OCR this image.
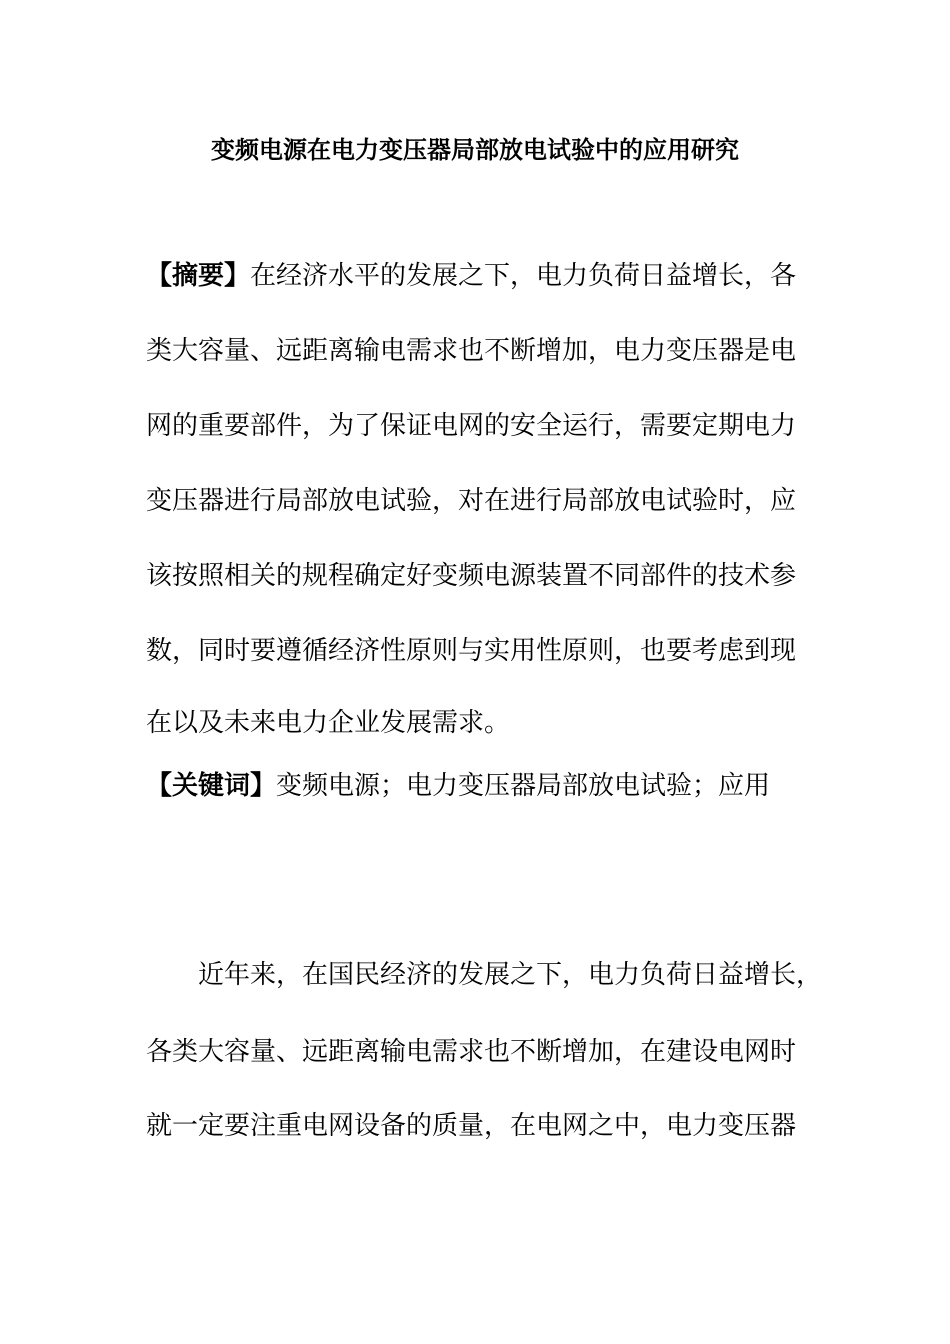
变频电源在电力变压器局部放电试验中的应用研究
【摘要】在经济水平的发展之下，电力负荷日益增长，各
类大容量、远距离输电需求也不断增加，电力变压器是电
网的重要部件，为了保证电网的安全运行，需要定期电力
变压器进行局部放电试验，对在进行局部放电试验时，应
该按照相关的规程确定好变频电源装置不同部件的技术参
数，同时要遵循经济性原则与实用性原则，也要考虑到现
在以及未来电力企业发展需求。
【关键词】变频电源；电力变压器局部放电试验；应用
　　近年来，在国民经济的发展之下，电力负荷日益增长，
各类大容量、远距离输电需求也不断增加，在建设电网时
就一定要注重电网设备的质量，在电网之中，电力变压器
